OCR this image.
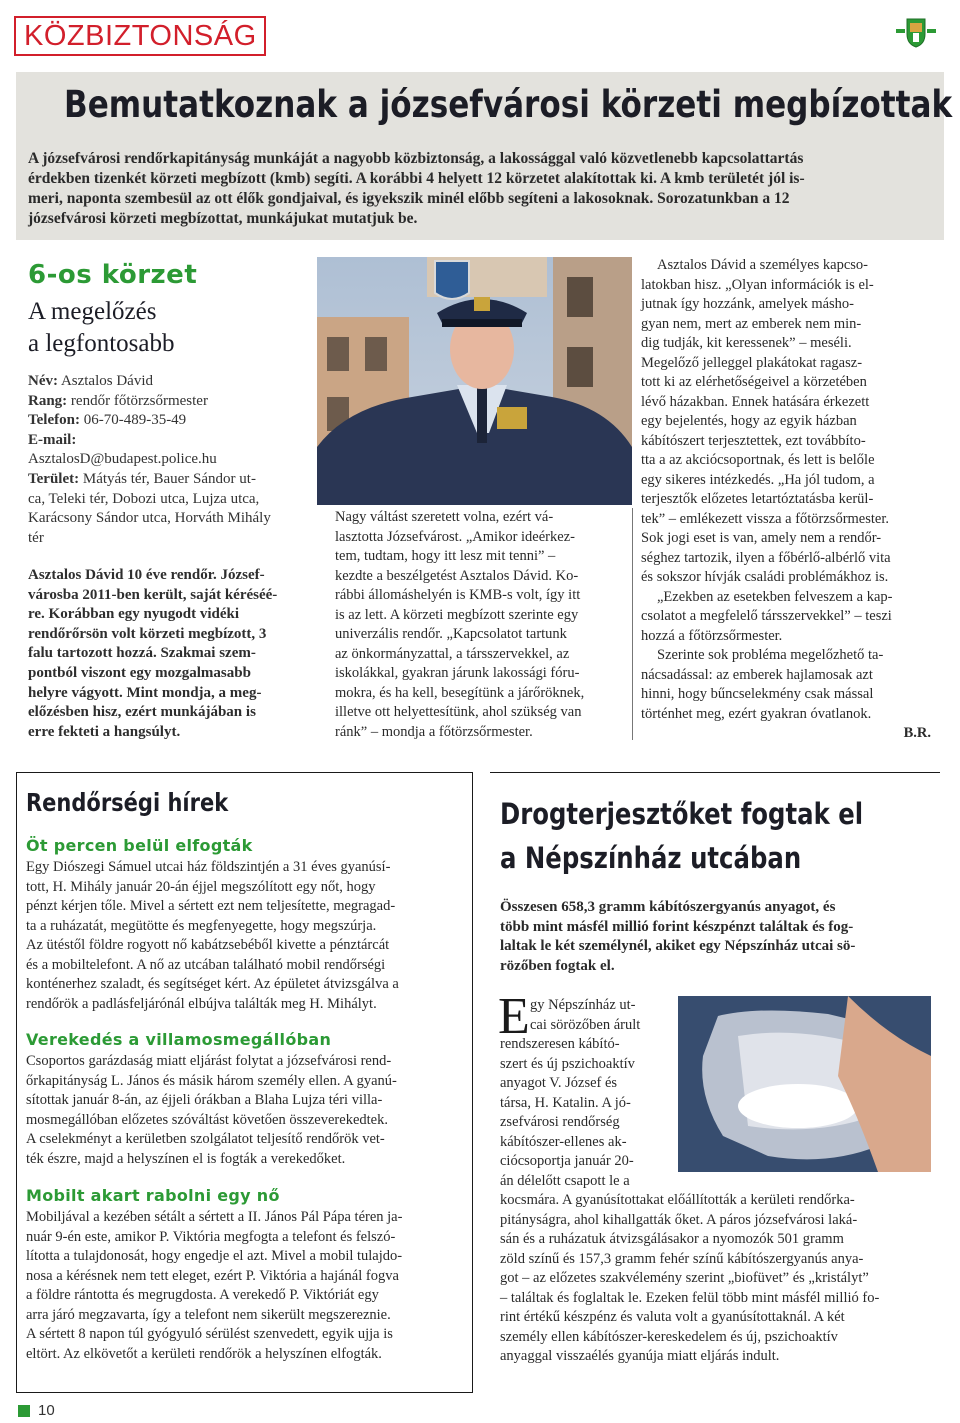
KÖZBIZTONSÁG
Bemutatkoznak a józsefvárosi körzeti megbízottak

A józsefvárosi rendőrkapitányság munkáját a nagyobb közbiztonság, a lakossággal való közvetlenebb kapcsolattartás

érdekben tizenkét körzeti megbízott (kmb) segíti. A korábbi 4 helyett 12 körzetet alakítottak ki. A kmb területét jól is-

meri, naponta szembesül az ott élők gondjaival, és igyekszik minél előbb segíteni a lakosoknak. Sorozatunkban a 12

józsefvárosi körzeti megbízottat, munkájukat mutatjuk be.

6-os körzet
A megelőzés
a legfontosabb
Név: Asztalos Dávid
Rang: rendőr főtörzsőrmester
Telefon: 06-70-489-35-49
E-mail:
AsztalosD@budapest.police.hu
Terület: Mátyás tér, Bauer Sándor ut-
ca, Teleki tér, Dobozi utca, Lujza utca,
Karácsony Sándor utca, Horváth Mihály
tér
Asztalos Dávid 10 éve rendőr. József-
városba 2011-ben került, saját kéréséé-
re. Korábban egy nyugodt vidéki
rendőrőrsön volt körzeti megbízott, 3
falu tartozott hozzá. Szakmai szem-
pontból viszont egy mozgalmasabb
helyre vágyott. Mint mondja, a meg-
előzésben hisz, ezért munkájában is
erre fekteti a hangsúlyt.

Nagy váltást szeretett volna, ezért vá-

lasztotta Józsefvárost. „Amikor ideérkez-

tem, tudtam, hogy itt lesz mit tenni” –

kezdte a beszélgetést Asztalos Dávid. Ko-

rábbi állomáshelyén is KMB-s volt, így itt

is az lett. A körzeti megbízott szerinte egy

univerzális rendőr. „Kapcsolatot tartunk

az önkormányzattal, a társszervekkel, az

iskolákkal, gyakran járunk lakossági fóru-

mokra, és ha kell, besegítünk a járőröknek,

illetve ott helyettesítünk, ahol szükség van

ránk” – mondja a főtörzsőrmester.

Asztalos Dávid a személyes kapcso-

latokban hisz. „Olyan információk is el-

jutnak így hozzánk, amelyek másho-

gyan nem, mert az emberek nem min-

dig tudják, kit keressenek” – meséli.

Megelőző jelleggel plakátokat ragasz-

tott ki az elérhetőségeivel a körzetében

lévő házakban. Ennek hatására érkezett

egy bejelentés, hogy az egyik házban

kábítószert terjesztettek, ezt továbbíto-

tta a az akciócsoportnak, és lett is belőle

egy sikeres intézkedés. „Ha jól tudom, a

terjesztők előzetes letartóztatásba kerül-

tek” – emlékezett vissza a főtörzsőrmester.

Sok jogi eset is van, amely nem a rendőr-

séghez tartozik, ilyen a főbérlő-albérlő vita

és sokszor hívják családi problémákhoz is.

„Ezekben az esetekben felveszem a kap-

csolatot a megfelelő társszervekkel” – teszi

hozzá a főtörzsőrmester.

Szerinte sok probléma megelőzhető ta-

nácsadással: az emberek hajlamosak azt

hinni, hogy bűncselekmény csak mással

történhet meg, ezért gyakran óvatlanok.

B.R.

Rendőrségi hírek
Öt percen belül elfogták

Egy Diószegi Sámuel utcai ház földszintjén a 31 éves gyanúsí-

tott, H. Mihály január 20-án éjjel megszólított egy nőt, hogy

pénzt kérjen tőle. Mivel a sértett ezt nem teljesítette, megragad-

ta a ruházatát, megütötte és megfenyegette, hogy megszúrja.

Az ütéstől földre rogyott nő kabátzsebéből kivette a pénztárcát

és a mobiltelefont. A nő az utcában található mobil rendőrségi

konténerhez szaladt, és segítséget kért. Az épületet átvizsgálva a

rendőrök a padlásfeljárónál elbújva találták meg H. Mihályt.

Verekedés a villamosmegállóban

Csoportos garázdaság miatt eljárást folytat a józsefvárosi rend-

őrkapitányság L. János és másik három személy ellen. A gyanú-

sítottak január 8-án, az éjjeli órákban a Blaha Lujza téri villa-

mosmegállóban előzetes szóváltást követően összeverekedtek.

A cselekményt a kerületben szolgálatot teljesítő rendőrök vet-

ték észre, majd a helyszínen el is fogták a verekedőket.

Mobilt akart rabolni egy nő

Mobiljával a kezében sétált a sértett a II. János Pál Pápa téren ja-

nuár 9-én este, amikor P. Viktória megfogta a telefont és felszó-

lította a tulajdonosát, hogy engedje el azt. Mivel a mobil tulajdo-

nosa a kérésnek nem tett eleget, ezért P. Viktória a hajánál fogva

a földre rántotta és megrugdosta. A verekedő P. Viktóriát egy

arra járó megzavarta, így a telefont nem sikerült megszereznie.

A sértett 8 napon túl gyógyuló sérülést szenvedett, egyik ujja is

eltört. Az elkövetőt a kerületi rendőrök a helyszínen elfogták.

Drogterjesztőket fogtak el
a Népszínház utcában
Összesen 658,3 gramm kábítószergyanús anyagot, és
több mint másfél millió forint készpénzt találtak és fog-
laltak le két személynél, akiket egy Népszínház utcai sö-
rözőben fogtak el.
E gy Népszínház ut-

cai sörözőben árult

rendszeresen kábító-

szert és új pszichoaktív

anyagot V. József és

társa, H. Katalin. A jó-

zsefvárosi rendőrség

kábítószer-ellenes ak-

ciócsoportja január 20-

án délelőtt csapott le a

kocsmára. A gyanúsítottakat előállították a kerületi rendőrka-

pitányságra, ahol kihallgatták őket. A páros józsefvárosi laká-

sán és a ruházatuk átvizsgálásakor a nyomozók 501 gramm

zöld színű és 157,3 gramm fehér színű kábítószergyanús anya-

got – az előzetes szakvélemény szerint „biofüvet” és „kristályt”

– találtak és foglaltak le. Ezeken felül több mint másfél millió fo-

rint értékű készpénz és valuta volt a gyanúsítottaknál. A két

személy ellen kábítószer-kereskedelem és új, pszichoaktív

anyaggal visszaélés gyanúja miatt eljárás indult.

10
